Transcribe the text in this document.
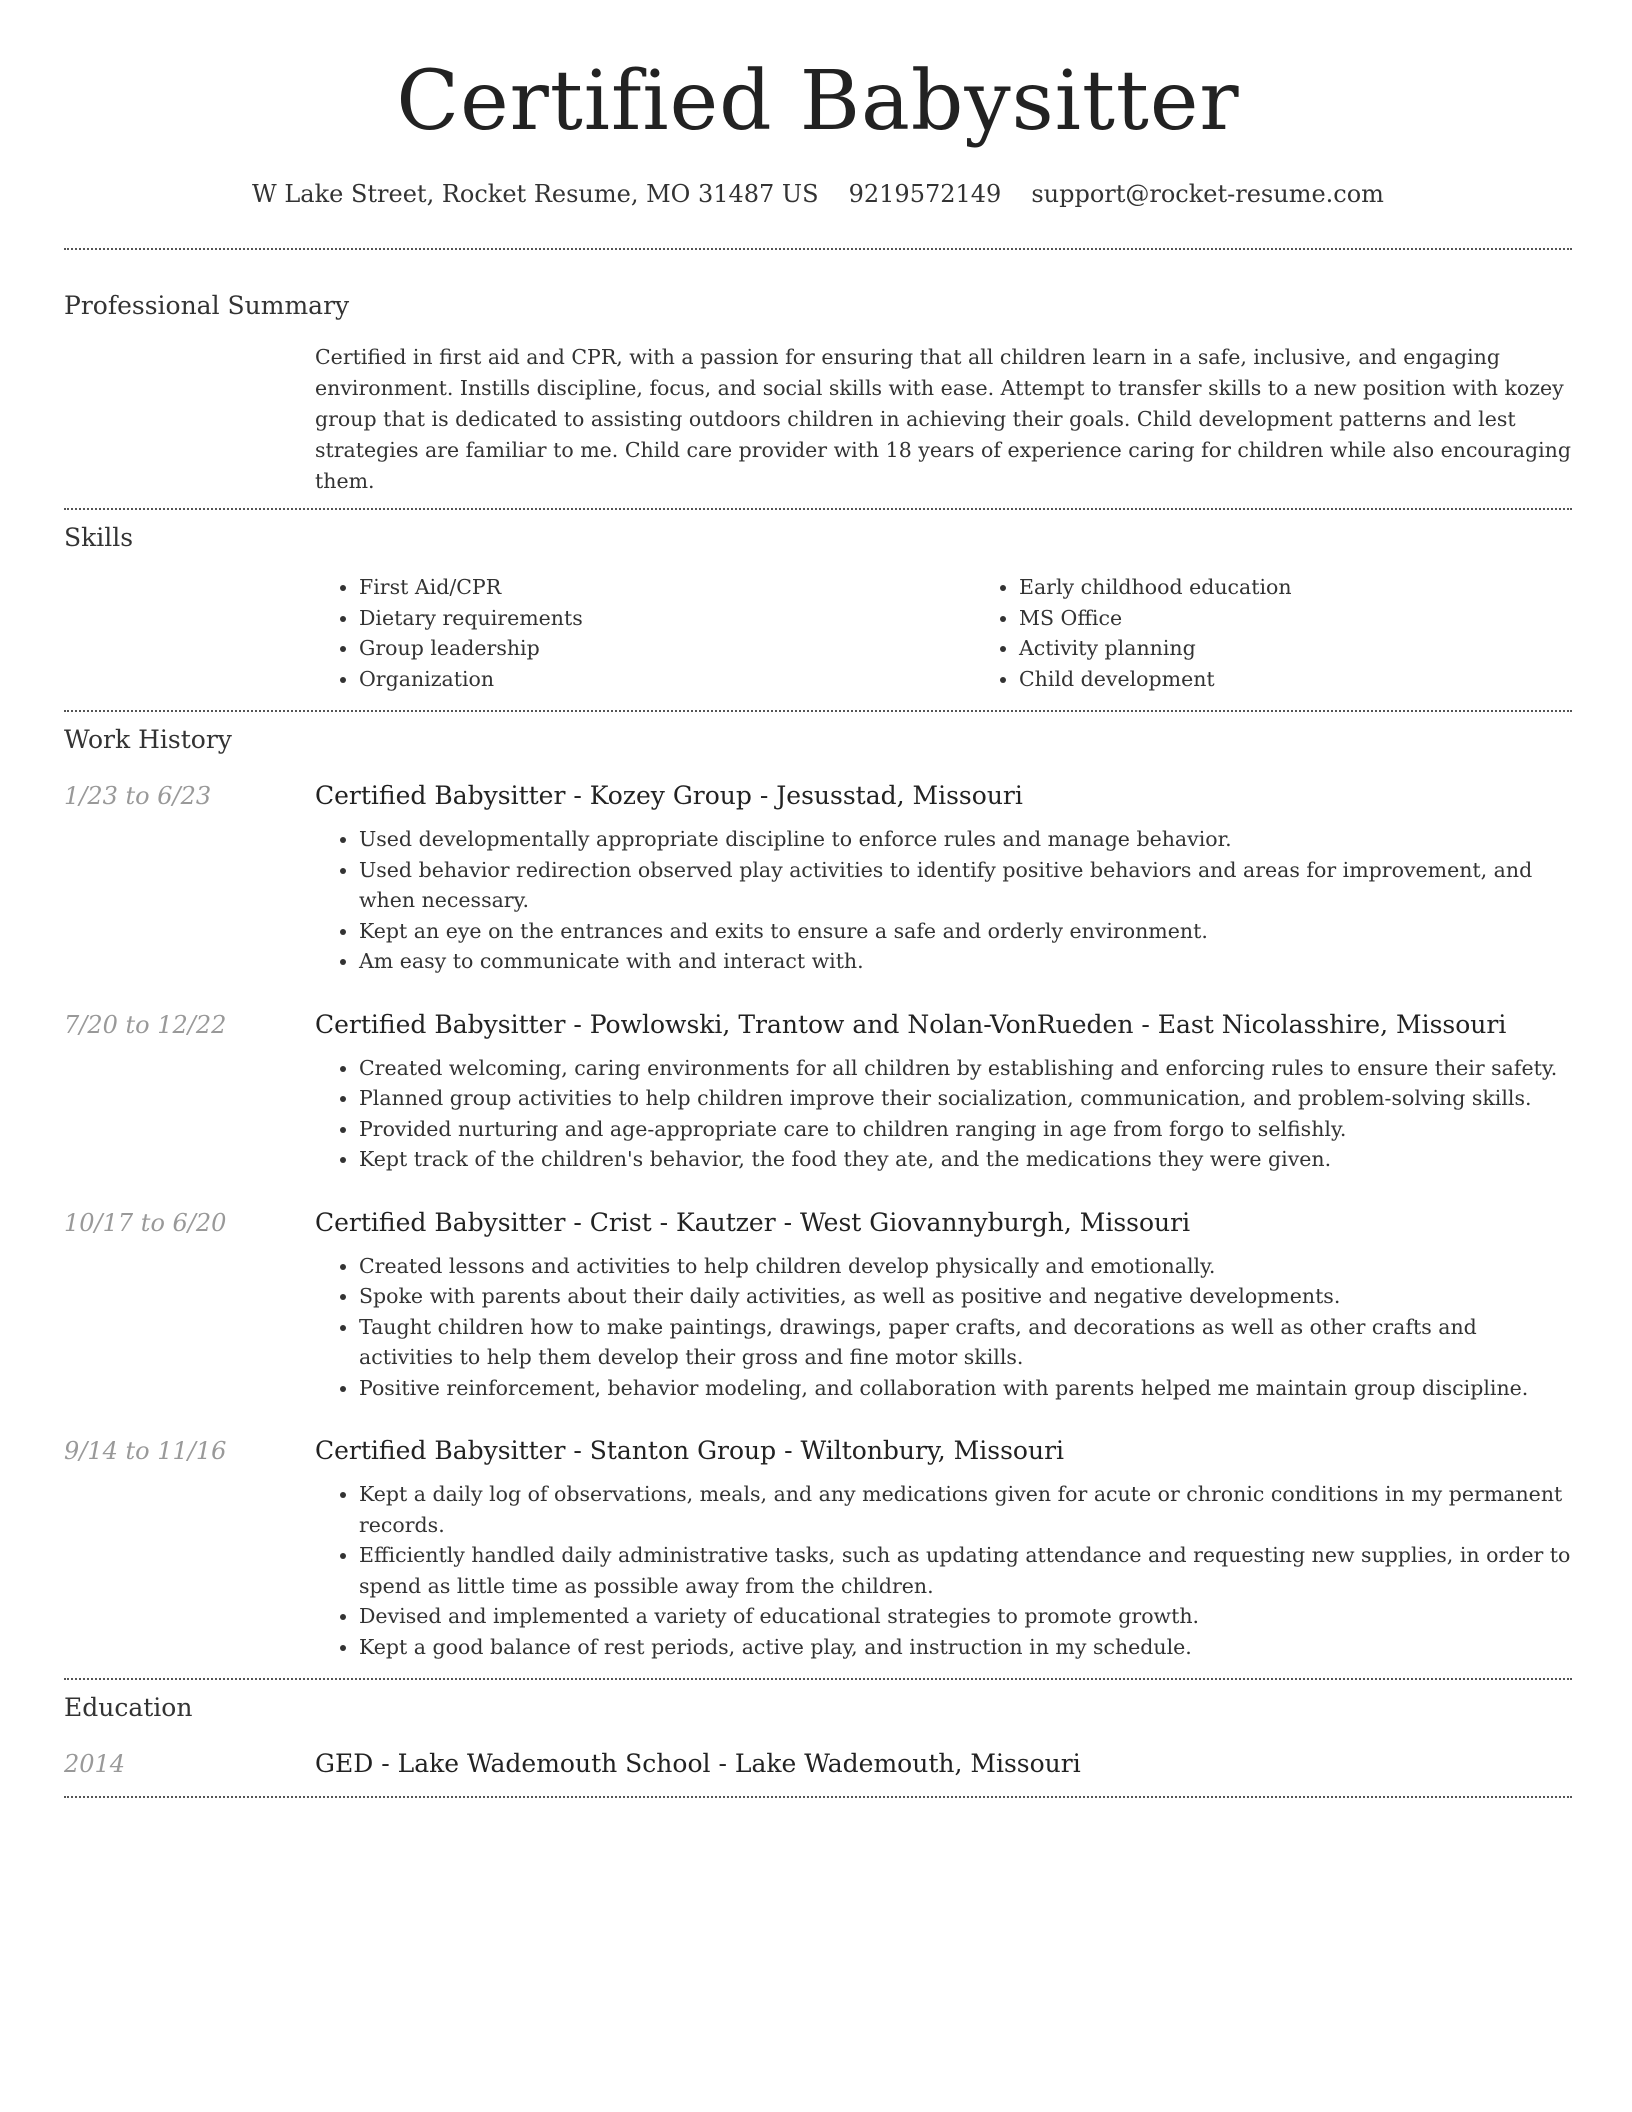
Certified Babysitter
W Lake Street, Rocket Resume, MO 31487 US 9219572149 support@rocket-resume.com
Professional Summary

Certified in first aid and CPR, with a passion for ensuring that all children learn in a safe, inclusive, and engaging environment. Instills discipline, focus, and social skills with ease. Attempt to transfer skills to a new position with kozey group that is dedicated to assisting outdoors children in achieving their goals. Child development patterns and lest strategies are familiar to me. Child care provider with 18 years of experience caring for children while also encouraging them.

Skills
• First Aid/CPR
• Dietary requirements
• Group leadership
• Organization
• Early childhood education
• MS Office
• Activity planning
• Child development
Work History
1/23 to 6/23	Certified Babysitter - Kozey Group - Jesusstad, Missouri
• Used developmentally appropriate discipline to enforce rules and manage behavior.
• Used behavior redirection observed play activities to identify positive behaviors and areas for improvement, and when necessary.
• Kept an eye on the entrances and exits to ensure a safe and orderly environment.
• Am easy to communicate with and interact with.
7/20 to 12/22	Certified Babysitter - Powlowski, Trantow and Nolan-VonRueden - East Nicolasshire, Missouri
• Created welcoming, caring environments for all children by establishing and enforcing rules to ensure their safety.
• Planned group activities to help children improve their socialization, communication, and problem-solving skills.
• Provided nurturing and age-appropriate care to children ranging in age from forgo to selfishly.
• Kept track of the children's behavior, the food they ate, and the medications they were given.
10/17 to 6/20	Certified Babysitter - Crist - Kautzer - West Giovannyburgh, Missouri
• Created lessons and activities to help children develop physically and emotionally.
• Spoke with parents about their daily activities, as well as positive and negative developments.
• Taught children how to make paintings, drawings, paper crafts, and decorations as well as other crafts and activities to help them develop their gross and fine motor skills.
• Positive reinforcement, behavior modeling, and collaboration with parents helped me maintain group discipline.
9/14 to 11/16	Certified Babysitter - Stanton Group - Wiltonbury, Missouri
• Kept a daily log of observations, meals, and any medications given for acute or chronic conditions in my permanent records.
• Efficiently handled daily administrative tasks, such as updating attendance and requesting new supplies, in order to spend as little time as possible away from the children.
• Devised and implemented a variety of educational strategies to promote growth.
• Kept a good balance of rest periods, active play, and instruction in my schedule.
Education
2014	GED - Lake Wademouth School - Lake Wademouth, Missouri
